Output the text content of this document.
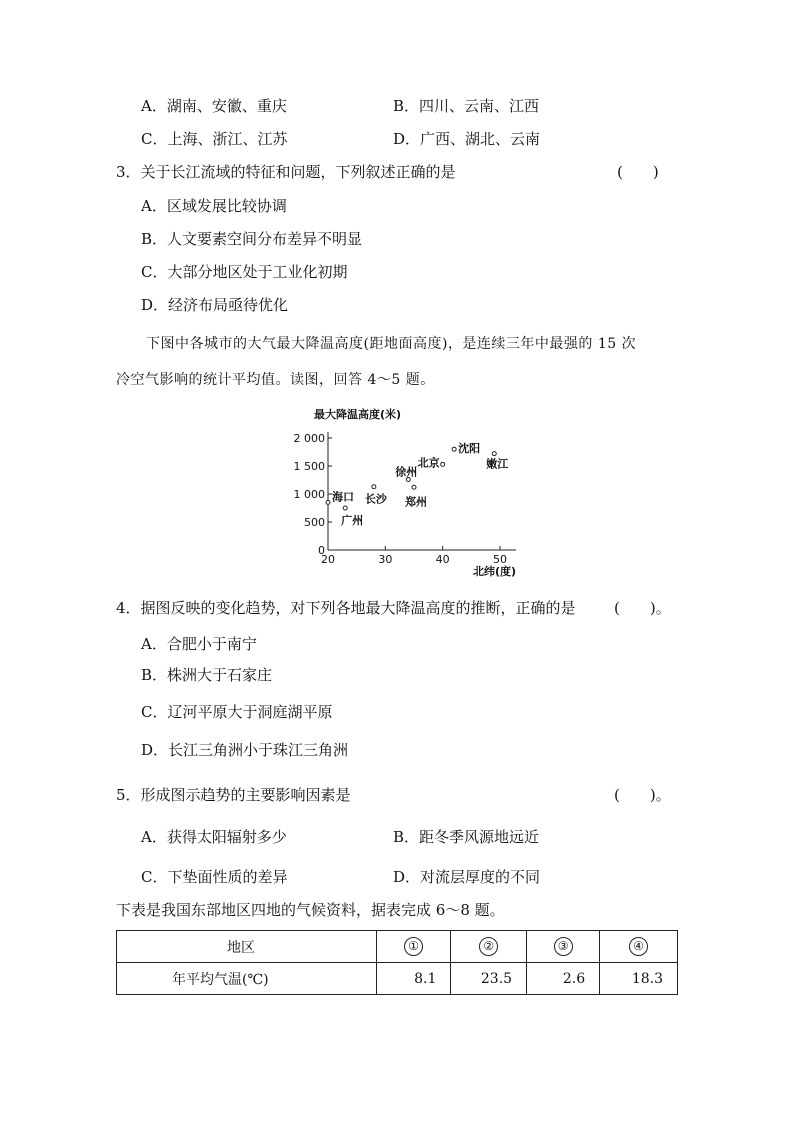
A．湖南、安徽、重庆	B．四川、云南、江西
C．上海、浙江、江苏	D．广西、湖北、云南
3．关于长江流域的特征和问题，下列叙述正确的是	(　　)
A．区域发展比较协调
B．人文要素空间分布差异不明显
C．大部分地区处于工业化初期
D．经济布局亟待优化
下图中各城市的大气最大降温高度(距地面高度)，是连续三年中最强的 15 次
冷空气影响的统计平均值。读图，回答 4～5 题。
最大降温高度(米)
北纬(度)
0
500
1 000
1 500
2 000
20	30	40	50
海口
广州
长沙
徐州
郑州
北京
沈阳
嫩江
4．据图反映的变化趋势，对下列各地最大降温高度的推断，正确的是	(　　)。
A．合肥小于南宁
B．株洲大于石家庄
C．辽河平原大于洞庭湖平原
D．长江三角洲小于珠江三角洲
5．形成图示趋势的主要影响因素是	(　　)。
A．获得太阳辐射多少	B．距冬季风源地远近
C．下垫面性质的差异	D．对流层厚度的不同
下表是我国东部地区四地的气候资料，据表完成 6～8 题。
地区	①	②	③	④
年平均气温(℃)	8.1	23.5	2.6	18.3
